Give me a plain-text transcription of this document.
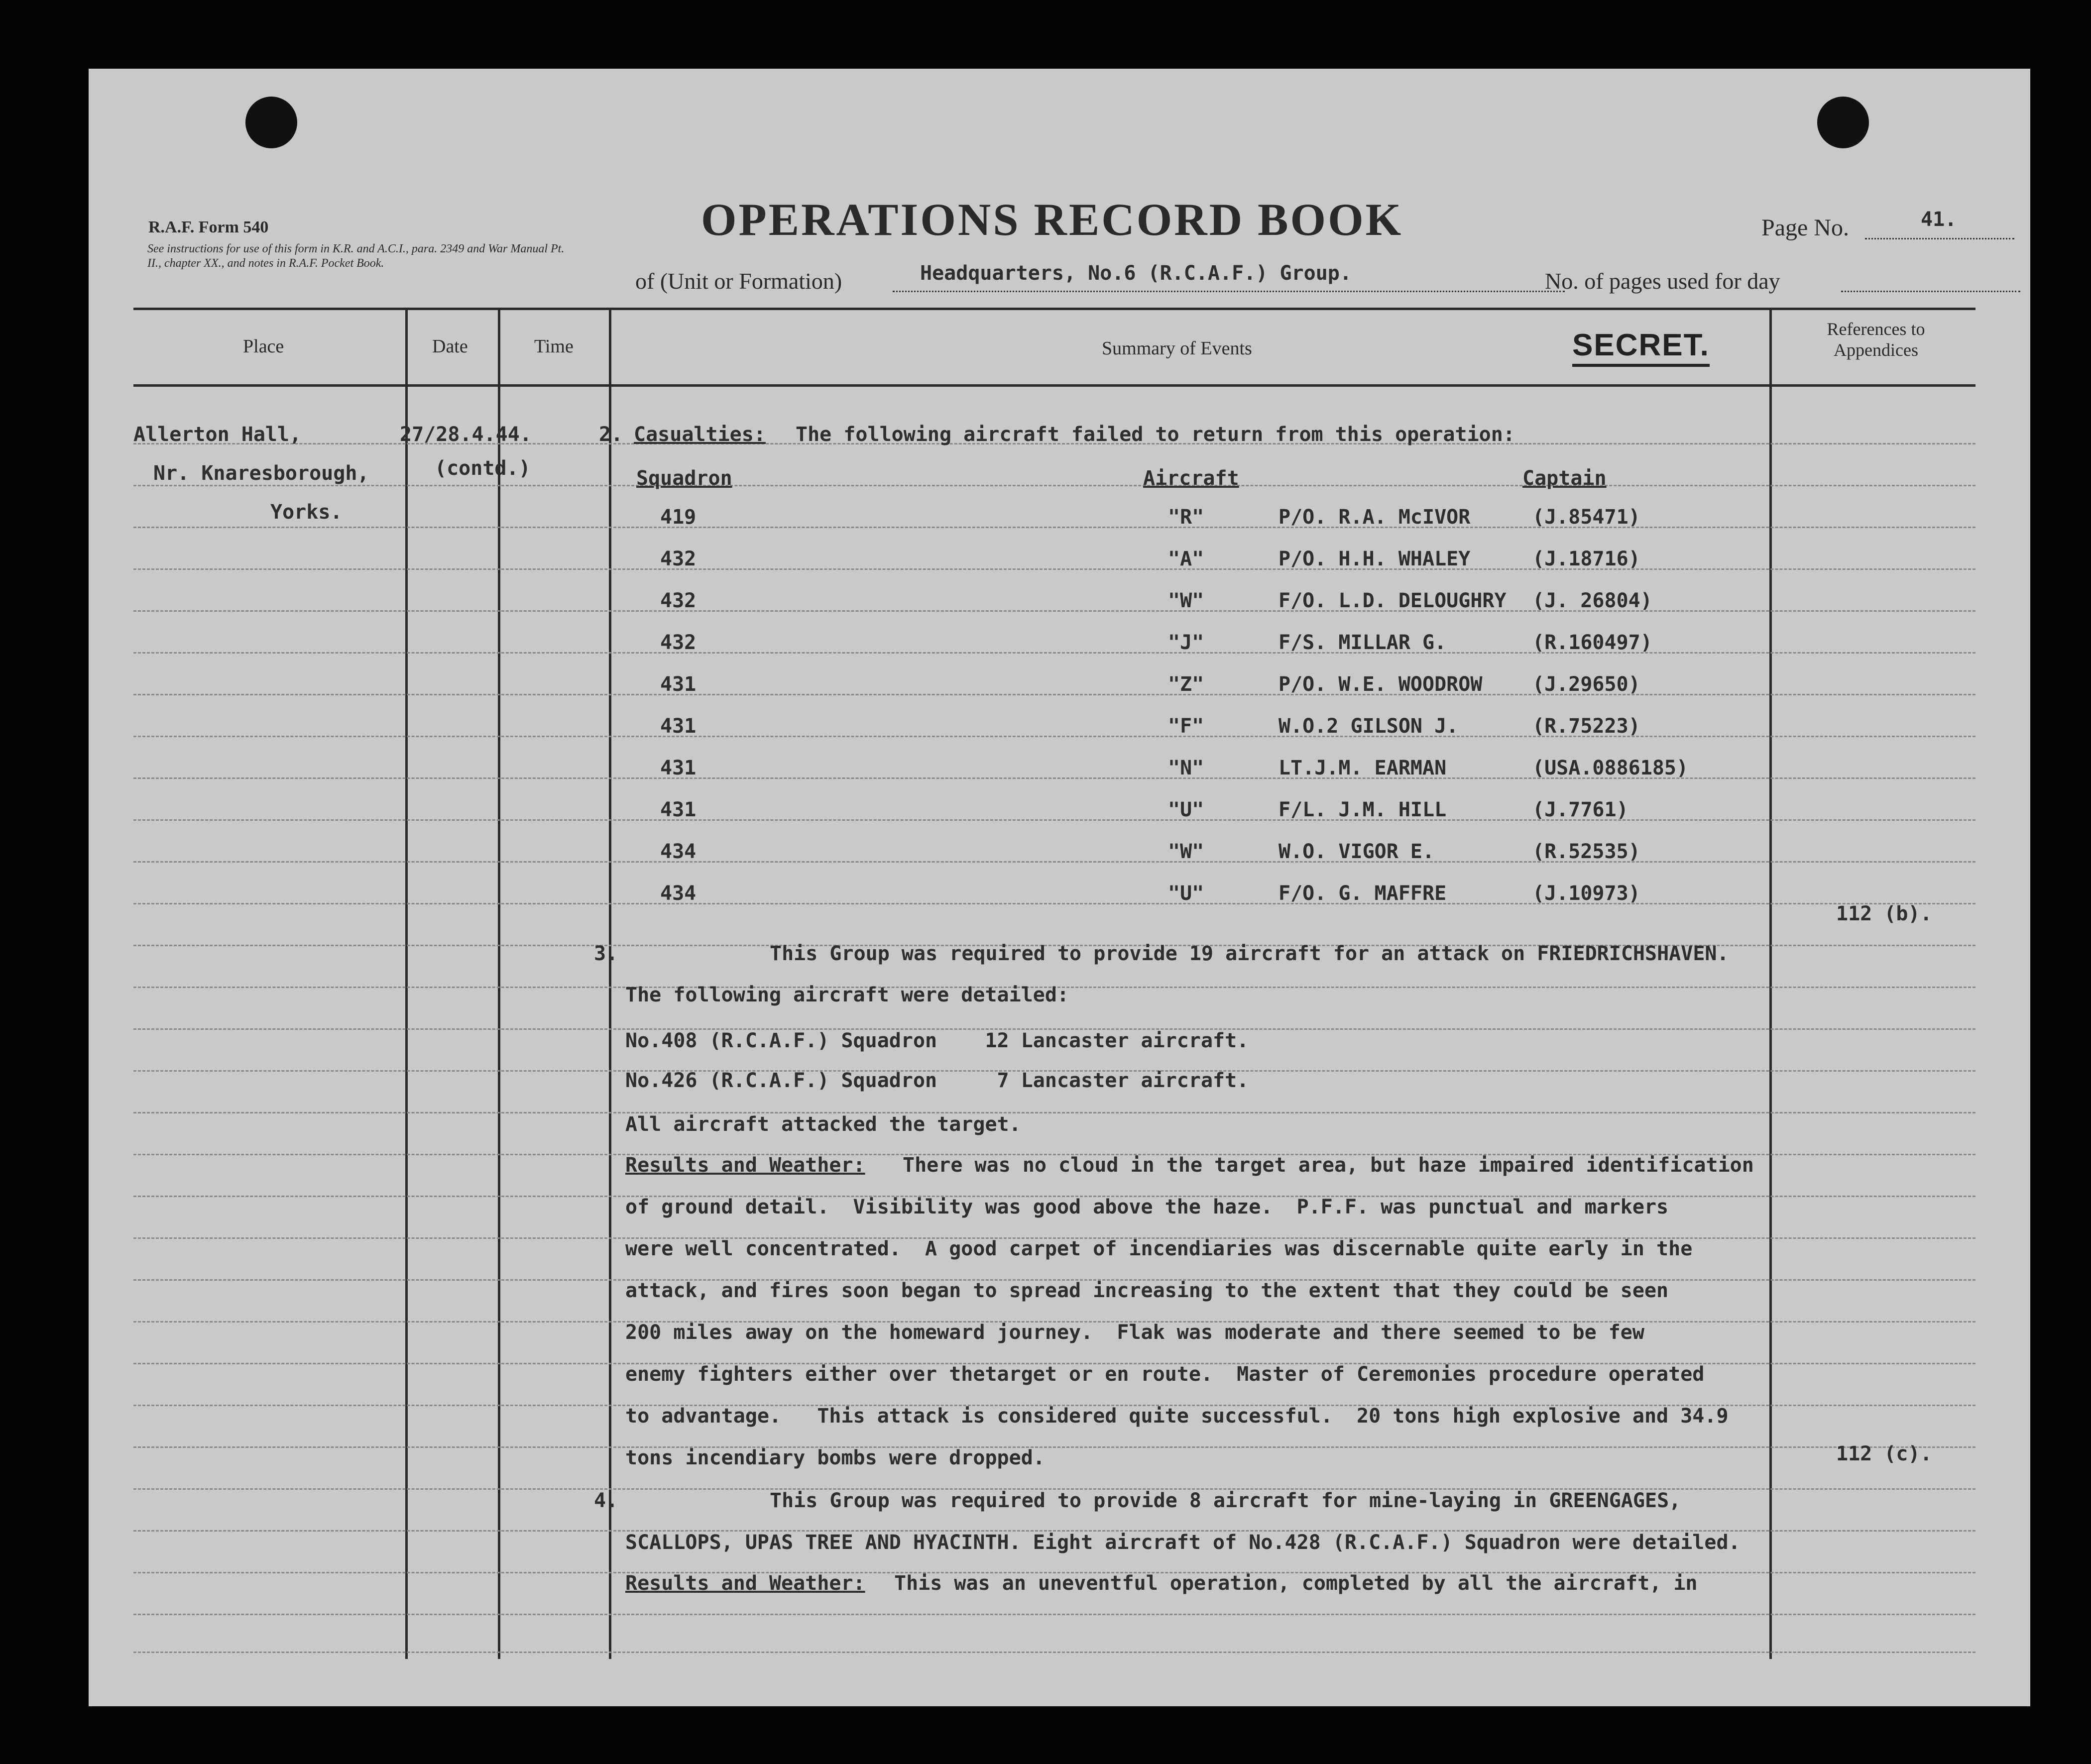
R.A.F. Form 540
See instructions for use of this form in K.R. and A.C.I., para. 2349 and War Manual Pt. II., chapter XX., and notes in R.A.F. Pocket Book.
OPERATIONS RECORD BOOK	Page No.	41.
of (Unit or Formation)	Headquarters, No.6 (R.C.A.F.) Group.	No. of pages used for day
Place	Date	Time	Summary of Events	SECRET.	References to Appendices
Allerton Hall,
Nr. Knaresborough,
Yorks.
27/28.4.44.
(contd.)
2. Casualties: The following aircraft failed to return from this operation:
Squadron	Aircraft	Captain
419	"R"	P/O. R.A. McIVOR	(J.85471)
432	"A"	P/O. H.H. WHALEY	(J.18716)
432	"W"	F/O. L.D. DELOUGHRY (J. 26804)
432	"J"	F/S. MILLAR G.	(R.160497)
431	"Z"	P/O. W.E. WOODROW	(J.29650)
431	"F"	W.O.2 GILSON J.	(R.75223)
431	"N"	LT.J.M. EARMAN	(USA.0886185)
431	"U"	F/L. J.M. HILL	(J.7761)
434	"W"	W.O. VIGOR E.	(R.52535)
434	"U"	F/O. G. MAFFRE	(J.10973)
112 (b).
3.	This Group was required to provide 19 aircraft for an attack on FRIEDRICHSHAVEN.
The following aircraft were detailed:
No.408 (R.C.A.F.) Squadron    12 Lancaster aircraft.
No.426 (R.C.A.F.) Squadron     7 Lancaster aircraft.
All aircraft attacked the target.
Results and Weather: There was no cloud in the target area, but haze impaired identification
of ground detail.  Visibility was good above the haze.  P.F.F. was punctual and markers
were well concentrated.  A good carpet of incendiaries was discernable quite early in the
attack, and fires soon began to spread increasing to the extent that they could be seen
200 miles away on the homeward journey.  Flak was moderate and there seemed to be few
enemy fighters either over thetarget or en route.  Master of Ceremonies procedure operated
to advantage.   This attack is considered quite successful.  20 tons high explosive and 34.9
tons incendiary bombs were dropped.	112 (c).
4.	This Group was required to provide 8 aircraft for mine-laying in GREENGAGES,
SCALLOPS, UPAS TREE AND HYACINTH. Eight aircraft of No.428 (R.C.A.F.) Squadron were detailed.
Results and Weather: This was an uneventful operation, completed by all the aircraft, in
